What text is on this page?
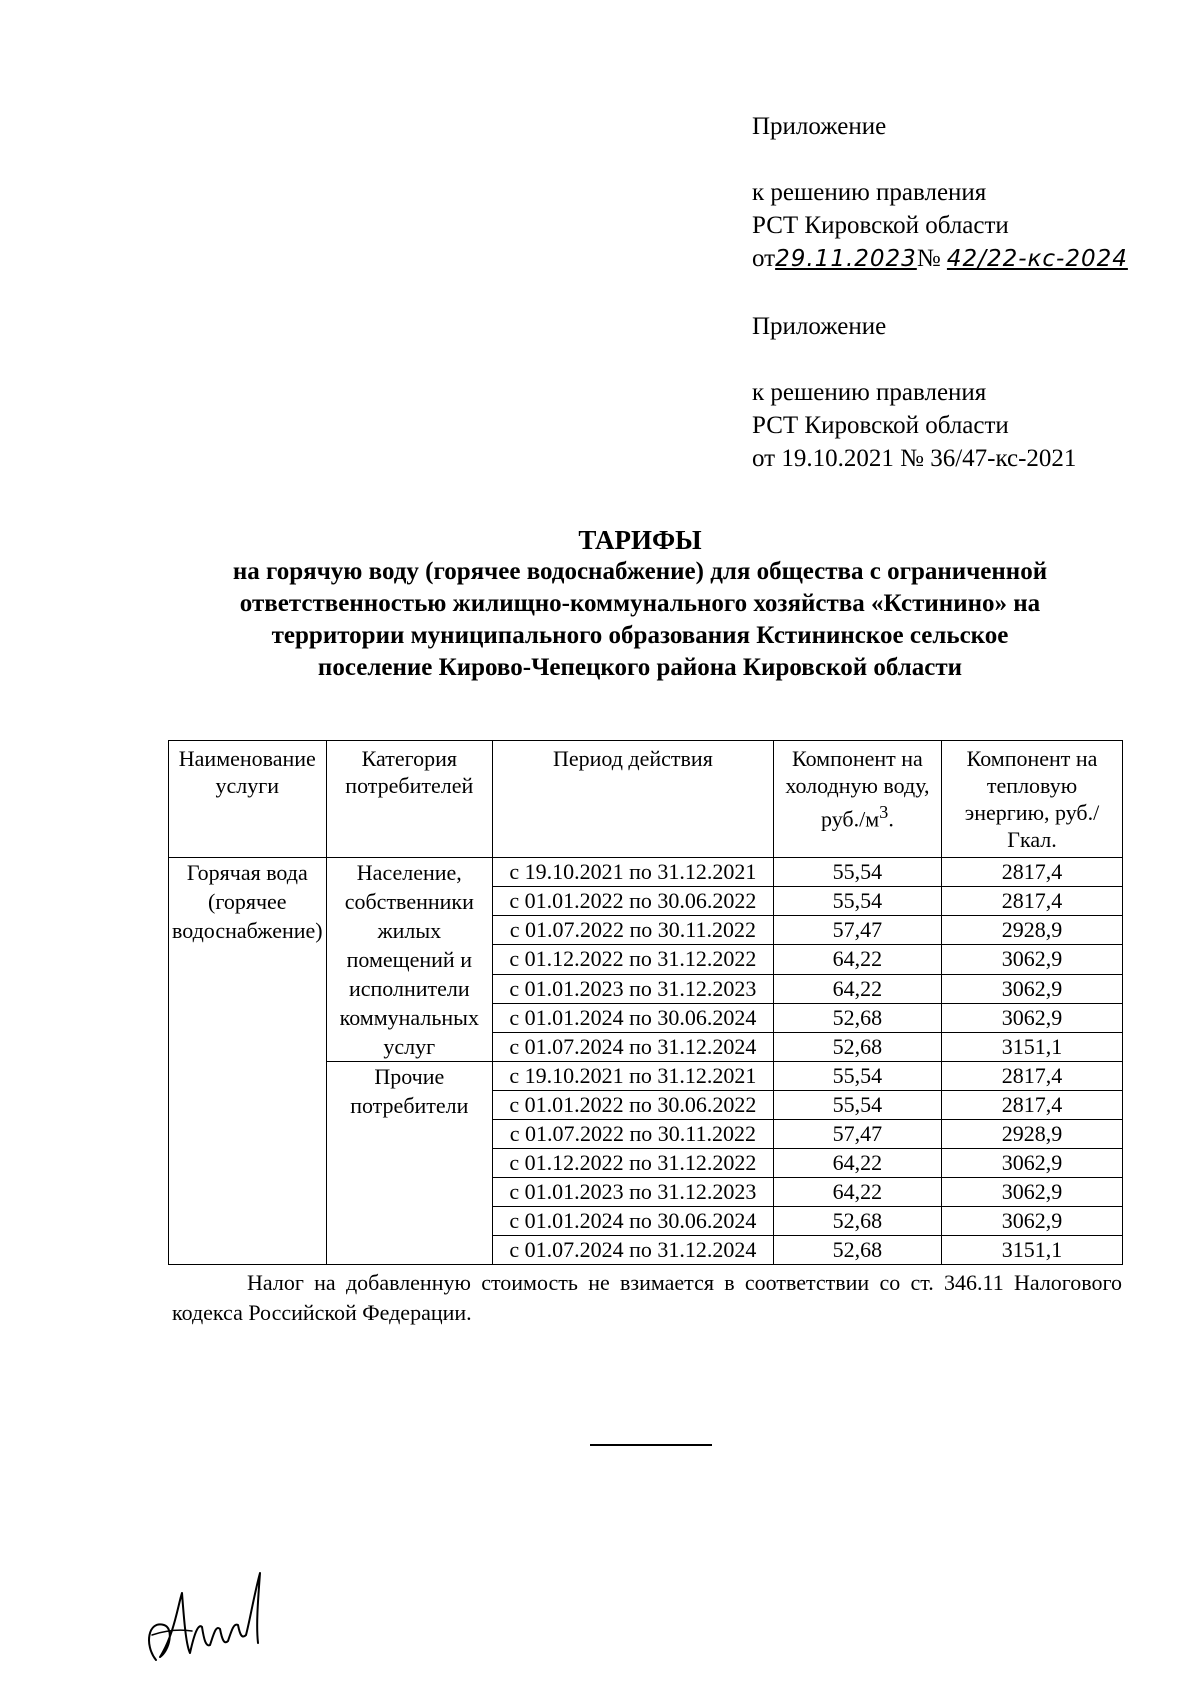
Приложение
к решению правления
РСТ Кировской области
от29.11.2023№ 42/22-кс-2024
Приложение
к решению правления
РСТ Кировской области
от 19.10.2021 № 36/47-кс-2021
ТАРИФЫ
на горячую воду (горячее водоснабжение) для общества с ограниченной
ответственностью жилищно-коммунального хозяйства «Кстинино» на
территории муниципального образования Кстининское сельское
поселение Кирово-Чепецкого района Кировской области
Наименование услуги	Категория потребителей	Период действия	Компонент на холодную воду, $руб./м^3$.	Компонент на тепловую энергию, руб./Гкал.
Горячая вода (горячее водоснабжение)	Население, собственники жилых помещений и исполнители коммунальных услуг	с 19.10.2021 по 31.12.2021	55,54	2817,4
		с 01.01.2022 по 30.06.2022	55,54	2817,4
		с 01.07.2022 по 30.11.2022	57,47	2928,9
		с 01.12.2022 по 31.12.2022	64,22	3062,9
		с 01.01.2023 по 31.12.2023	64,22	3062,9
		с 01.01.2024 по 30.06.2024	52,68	3062,9
		с 01.07.2024 по 31.12.2024	52,68	3151,1
	Прочие потребители	с 19.10.2021 по 31.12.2021	55,54	2817,4
		с 01.01.2022 по 30.06.2022	55,54	2817,4
		с 01.07.2022 по 30.11.2022	57,47	2928,9
		с 01.12.2022 по 31.12.2022	64,22	3062,9
		с 01.01.2023 по 31.12.2023	64,22	3062,9
		с 01.01.2024 по 30.06.2024	52,68	3062,9
		с 01.07.2024 по 31.12.2024	52,68	3151,1
Налог на добавленную стоимость не взимается в соответствии со ст. 346.11 Налогового кодекса Российской Федерации.
